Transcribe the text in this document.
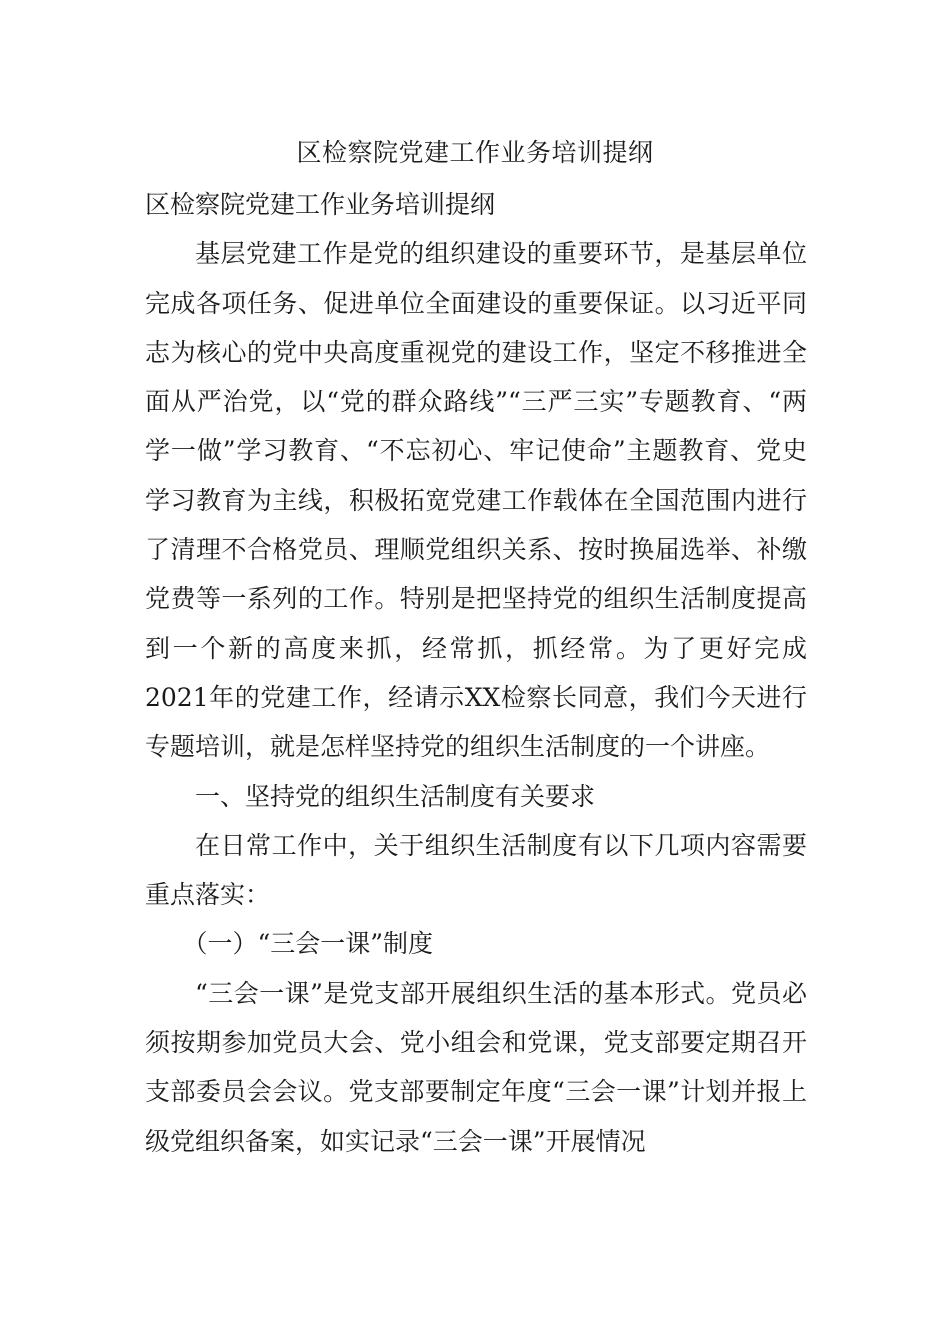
区检察院党建工作业务培训提纲

区检察院党建工作业务培训提纲

基层党建工作是党的组织建设的重要环节，是基层单位完成各项任务、促进单位全面建设的重要保证。以习近平同志为核心的党中央高度重视党的建设工作，坚定不移推进全面从严治党，以“党的群众路线”“三严三实”专题教育、“两学一做”学习教育、“不忘初心、牢记使命”主题教育、党史学习教育为主线，积极拓宽党建工作载体在全国范围内进行了清理不合格党员、理顺党组织关系、按时换届选举、补缴党费等一系列的工作。特别是把坚持党的组织生活制度提高到一个新的高度来抓，经常抓，抓经常。为了更好完成2021年的党建工作，经请示XX检察长同意，我们今天进行专题培训，就是怎样坚持党的组织生活制度的一个讲座。

一、坚持党的组织生活制度有关要求

在日常工作中，关于组织生活制度有以下几项内容需要重点落实：

（一）“三会一课”制度

“三会一课”是党支部开展组织生活的基本形式。党员必须按期参加党员大会、党小组会和党课，党支部要定期召开支部委员会会议。党支部要制定年度“三会一课”计划并报上级党组织备案，如实记录“三会一课”开展情况
